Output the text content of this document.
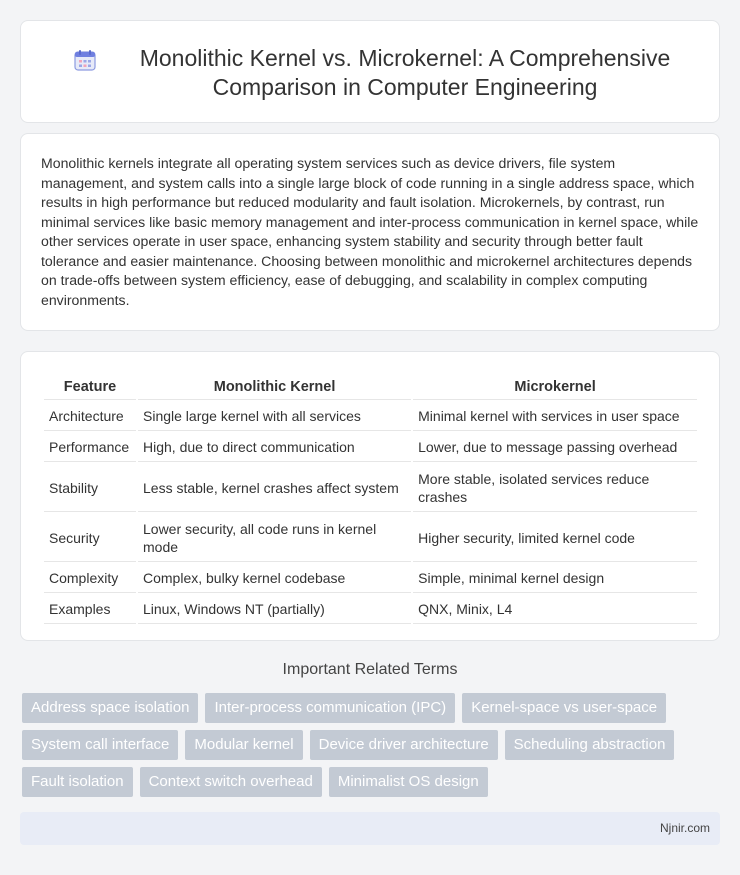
Monolithic Kernel vs. Microkernel: A Comprehensive Comparison in Computer Engineering

Monolithic kernels integrate all operating system services such as device drivers, file system management, and system calls into a single large block of code running in a single address space, which results in high performance but reduced modularity and fault isolation. Microkernels, by contrast, run minimal services like basic memory management and inter-process communication in kernel space, while other services operate in user space, enhancing system stability and security through better fault tolerance and easier maintenance. Choosing between monolithic and microkernel architectures depends on trade-offs between system efficiency, ease of debugging, and scalability in complex computing environments.

Feature	Monolithic Kernel	Microkernel
Architecture	Single large kernel with all services	Minimal kernel with services in user space
Performance	High, due to direct communication	Lower, due to message passing overhead
Stability	Less stable, kernel crashes affect system	More stable, isolated services reduce crashes
Security	Lower security, all code runs in kernel mode	Higher security, limited kernel code
Complexity	Complex, bulky kernel codebase	Simple, minimal kernel design
Examples	Linux, Windows NT (partially)	QNX, Minix, L4
Important Related Terms
Address space isolation	Inter-process communication (IPC)	Kernel-space vs user-space
System call interface	Modular kernel	Device driver architecture	Scheduling abstraction
Fault isolation	Context switch overhead	Minimalist OS design
Njnir.com
